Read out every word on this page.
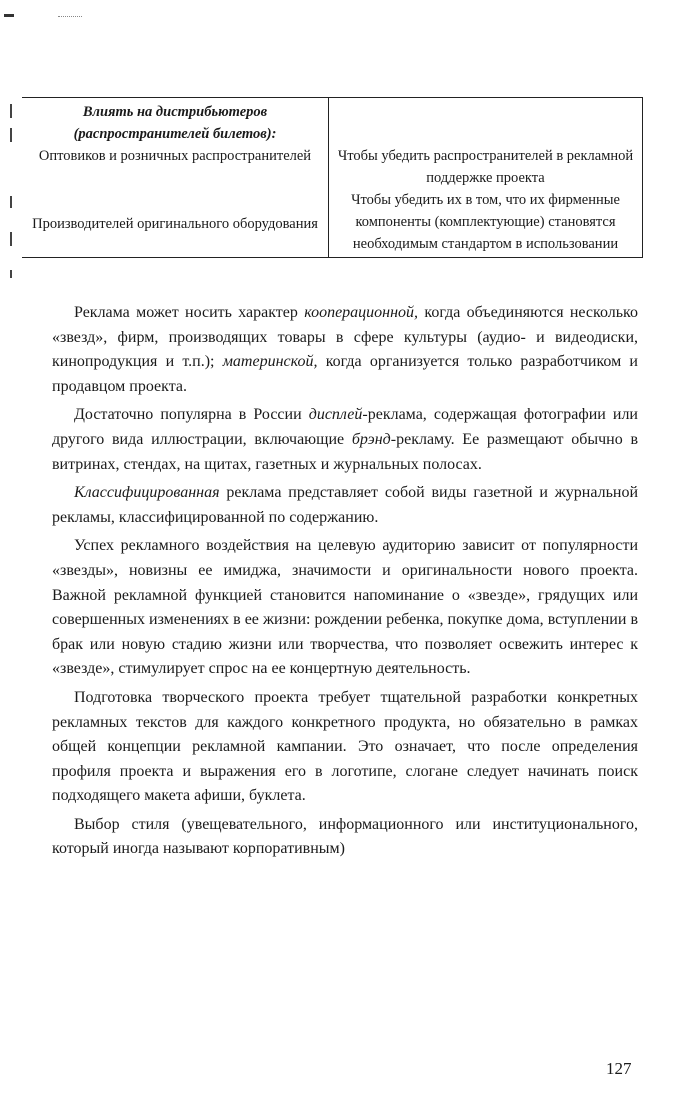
Влиять на дистрибьютеров (распространителей билетов):
Оптовиков и розничных распространителей	Чтобы убедить распространителей в рекламной поддержке проекта

Производителей оригинального оборудования	Чтобы убедить их в том, что их фирменные компоненты (комплектующие) становятся необходимым стандартом в использовании

Реклама может носить характер кооперационной, когда объединяются несколько «звезд», фирм, производящих товары в сфере культуры (аудио- и видеодиски, кинопродукция и т.п.); материнской, когда организуется только разработчиком и продавцом проекта.

Достаточно популярна в России дисплей-реклама, содержащая фотографии или другого вида иллюстрации, включающие брэнд-рекламу. Ее размещают обычно в витринах, стендах, на щитах, газетных и журнальных полосах.

Классифицированная реклама представляет собой виды газетной и журнальной рекламы, классифицированной по содержанию.

Успех рекламного воздействия на целевую аудиторию зависит от популярности «звезды», новизны ее имиджа, значимости и оригинальности нового проекта. Важной рекламной функцией становится напоминание о «звезде», грядущих или совершенных изменениях в ее жизни: рождении ребенка, покупке дома, вступлении в брак или новую стадию жизни или творчества, что позволяет освежить интерес к «звезде», стимулирует спрос на ее концертную деятельность.

Подготовка творческого проекта требует тщательной разработки конкретных рекламных текстов для каждого конкретного продукта, но обязательно в рамках общей концепции рекламной кампании. Это означает, что после определения профиля проекта и выражения его в логотипе, слогане следует начинать поиск подходящего макета афиши, буклета.

Выбор стиля (увещевательного, информационного или институционального, который иногда называют корпоративным)

127
